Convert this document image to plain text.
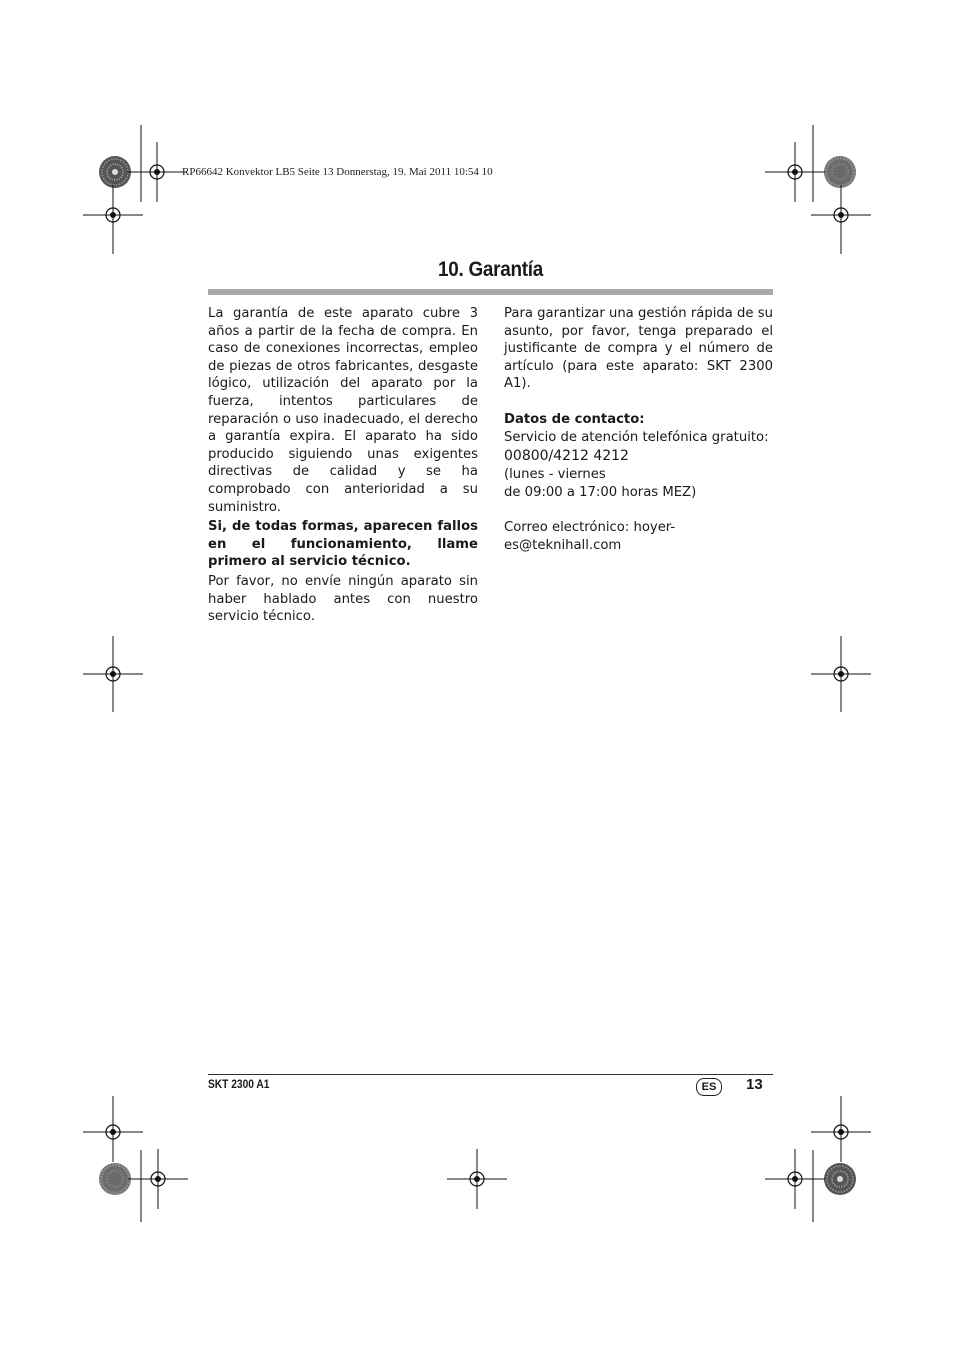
RP66642 Konvektor LB5 Seite 13 Donnerstag, 19. Mai 2011 10:54 10
10. Garantía

La garantía de este aparato cubre 3 años a partir de la fecha de compra. En caso de conexiones incorrectas, empleo de piezas de otros fabricantes, desgaste lógico, utilización del aparato por la fuerza, intentos particulares de reparación o uso inadecuado, el derecho a garantía expira. El aparato ha sido producido siguiendo unas exigentes directivas de calidad y se ha comprobado con anterioridad a su suministro.

Si, de todas formas, aparecen fallos en el funcionamiento, llame primero al servicio técnico.

Por favor, no envíe ningún aparato sin haber hablado antes con nuestro servicio técnico.

Para garantizar una gestión rápida de su asunto, por favor, tenga preparado el justificante de compra y el número de artículo (para este aparato: SKT 2300 A1).

Datos de contacto:

Servicio de atención telefónica gratuito:

00800/4212 4212

(lunes - viernes

de 09:00 a 17:00 horas MEZ)

Correo electrónico: hoyer-es@teknihall.com

SKT 2300 A1	ES	13
